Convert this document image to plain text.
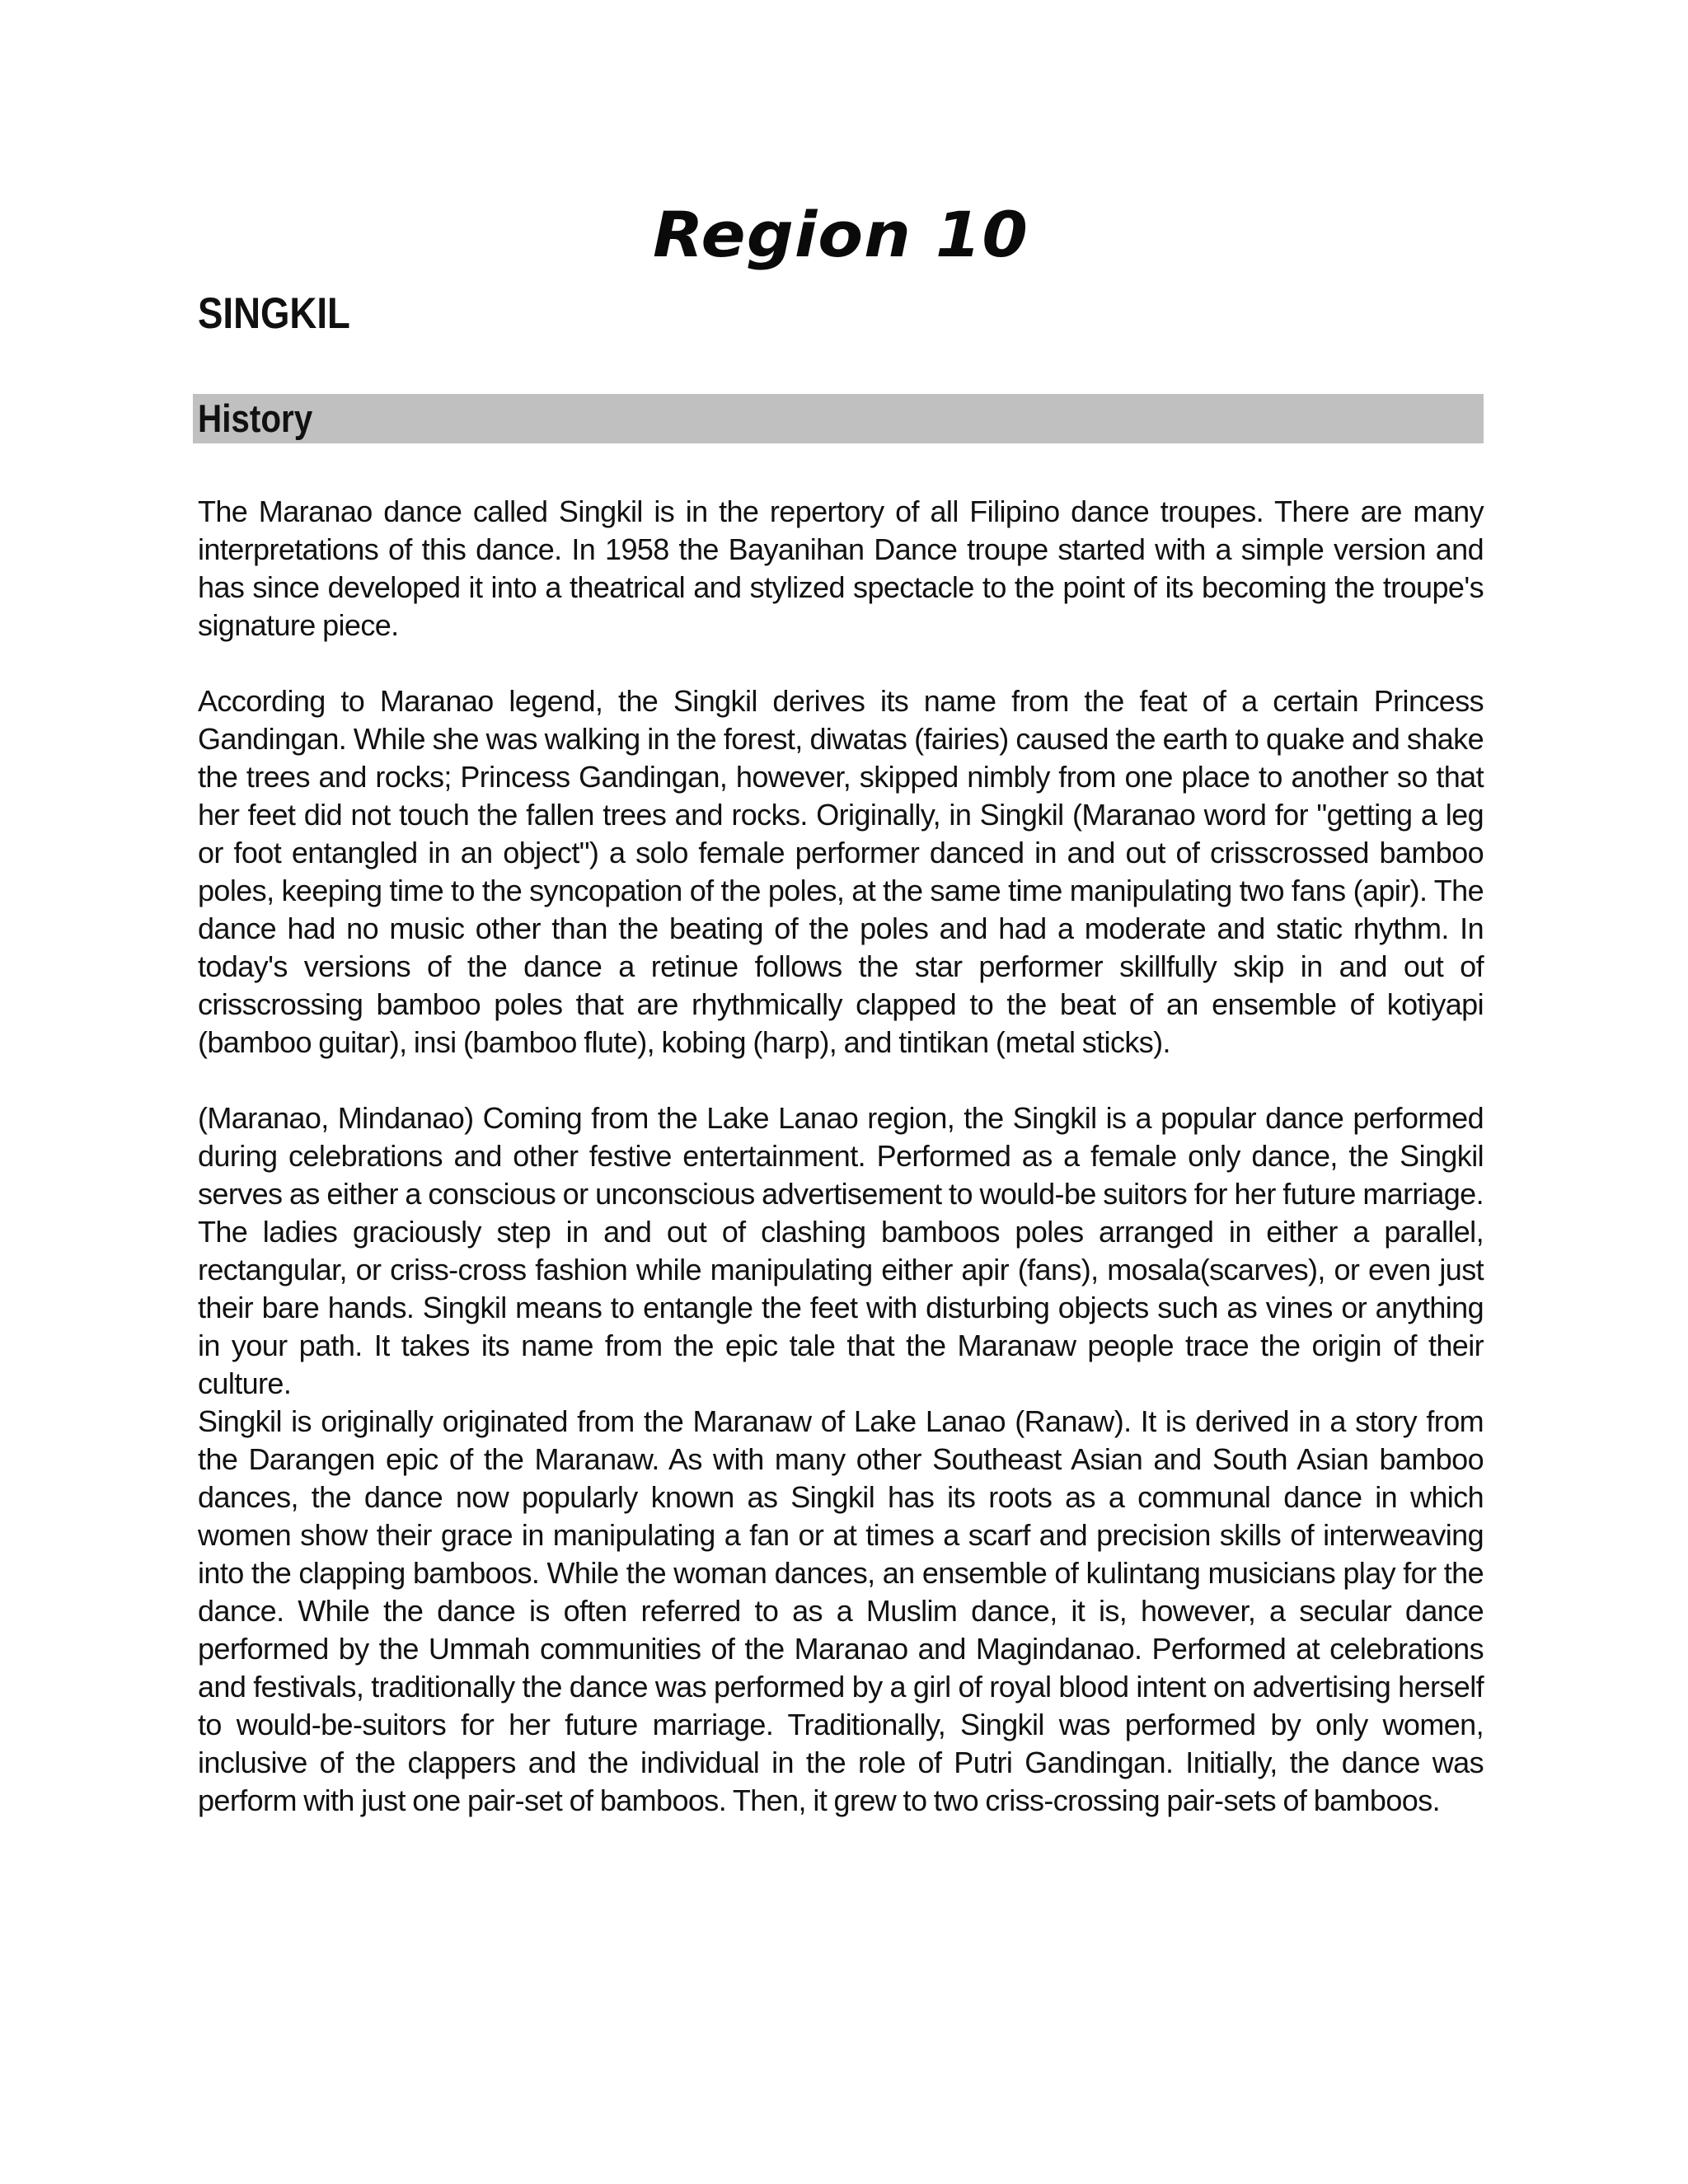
Region 10
SINGKIL
History

The Maranao dance called Singkil is in the repertory of all Filipino dance troupes. There are many interpretations of this dance. In 1958 the Bayanihan Dance troupe started with a simple version and has since developed it into a theatrical and stylized spectacle to the point of its becoming the troupe's signature piece.

According to Maranao legend, the Singkil derives its name from the feat of a certain Princess Gandingan. While she was walking in the forest, diwatas (fairies) caused the earth to quake and shake the trees and rocks; Princess Gandingan, however, skipped nimbly from one place to another so that her feet did not touch the fallen trees and rocks. Originally, in Singkil (Maranao word for "getting a leg or foot entangled in an object") a solo female performer danced in and out of crisscrossed bamboo poles, keeping time to the syncopation of the poles, at the same time manipulating two fans (apir). The dance had no music other than the beating of the poles and had a moderate and static rhythm. In today's versions of the dance a retinue follows the star performer skillfully skip in and out of crisscrossing bamboo poles that are rhythmically clapped to the beat of an ensemble of kotiyapi (bamboo guitar), insi (bamboo flute), kobing (harp), and tintikan (metal sticks).

(Maranao, Mindanao) Coming from the Lake Lanao region, the Singkil is a popular dance performed during celebrations and other festive entertainment. Performed as a female only dance, the Singkil serves as either a conscious or unconscious advertisement to would-be suitors for her future marriage. The ladies graciously step in and out of clashing bamboos poles arranged in either a parallel, rectangular, or criss-cross fashion while manipulating either apir (fans), mosala(scarves), or even just their bare hands. Singkil means to entangle the feet with disturbing objects such as vines or anything in your path. It takes its name from the epic tale that the Maranaw people trace the origin of their culture.

Singkil is originally originated from the Maranaw of Lake Lanao (Ranaw). It is derived in a story from the Darangen epic of the Maranaw. As with many other Southeast Asian and South Asian bamboo dances, the dance now popularly known as Singkil has its roots as a communal dance in which women show their grace in manipulating a fan or at times a scarf and precision skills of interweaving into the clapping bamboos. While the woman dances, an ensemble of kulintang musicians play for the dance. While the dance is often referred to as a Muslim dance, it is, however, a secular dance performed by the Ummah communities of the Maranao and Magindanao. Performed at celebrations and festivals, traditionally the dance was performed by a girl of royal blood intent on advertising herself to would-be-suitors for her future marriage. Traditionally, Singkil was performed by only women, inclusive of the clappers and the individual in the role of Putri Gandingan. Initially, the dance was perform with just one pair-set of bamboos. Then, it grew to two criss-crossing pair-sets of bamboos.
